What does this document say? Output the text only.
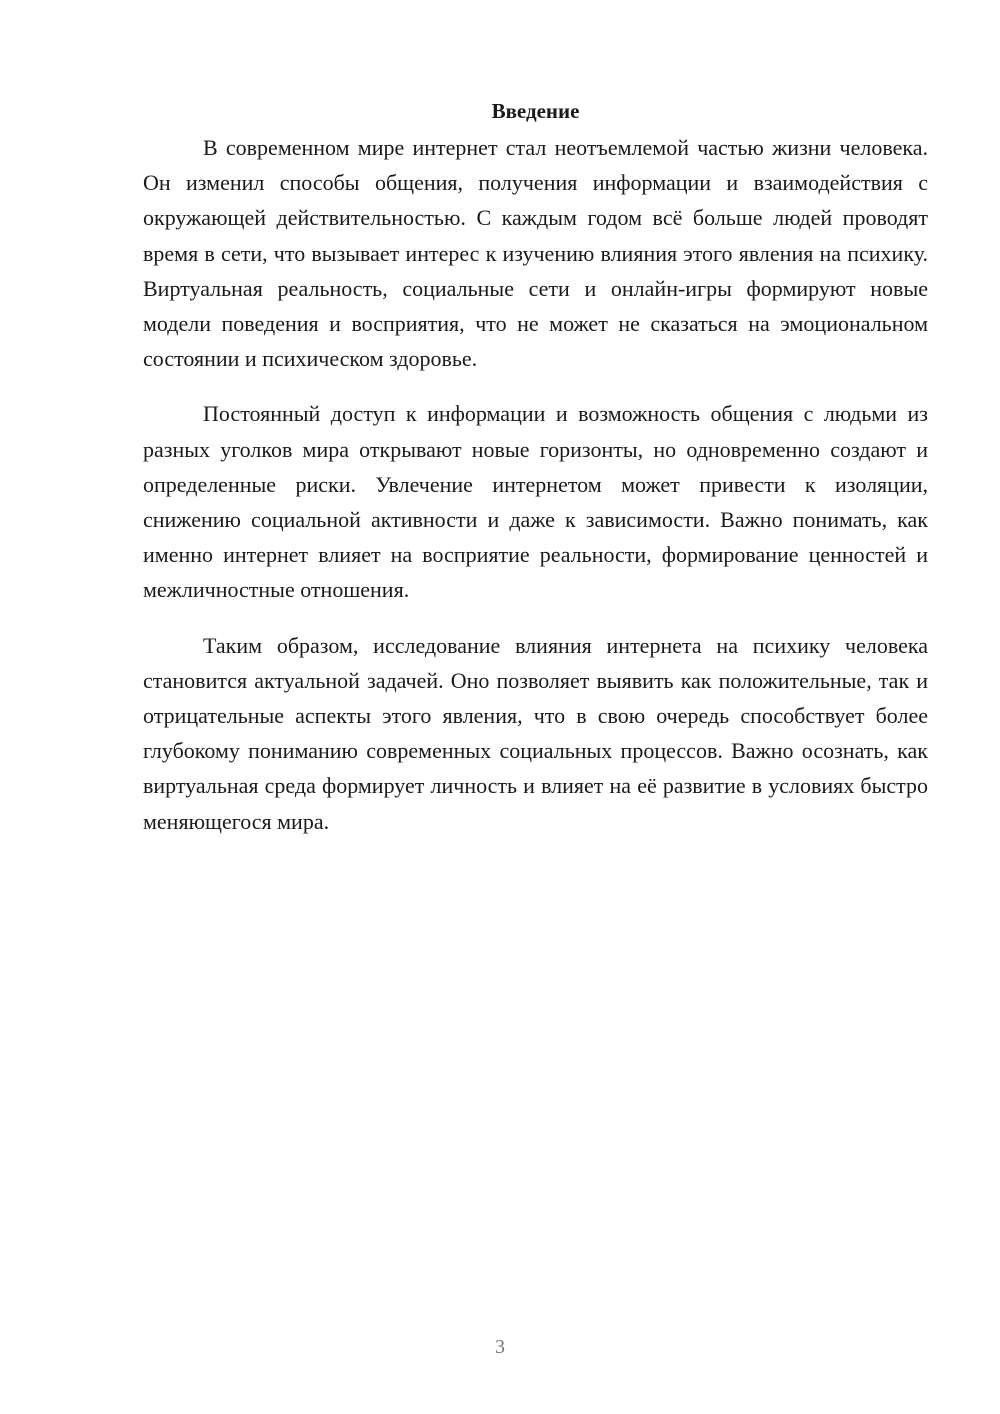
Введение

В современном мире интернет стал неотъемлемой частью жизни человека. Он изменил способы общения, получения информации и взаимодействия с окружающей действительностью. С каждым годом всё больше людей проводят время в сети, что вызывает интерес к изучению влияния этого явления на психику. Виртуальная реальность, социальные сети и онлайн-игры формируют новые модели поведения и восприятия, что не может не сказаться на эмоциональном состоянии и психическом здоровье.

Постоянный доступ к информации и возможность общения с людьми из разных уголков мира открывают новые горизонты, но одновременно создают и определенные риски. Увлечение интернетом может привести к изоляции, снижению социальной активности и даже к зависимости. Важно понимать, как именно интернет влияет на восприятие реальности, формирование ценностей и межличностные отношения.

Таким образом, исследование влияния интернета на психику человека становится актуальной задачей. Оно позволяет выявить как положительные, так и отрицательные аспекты этого явления, что в свою очередь способствует более глубокому пониманию современных социальных процессов. Важно осознать, как виртуальная среда формирует личность и влияет на её развитие в условиях быстро меняющегося мира.

3
